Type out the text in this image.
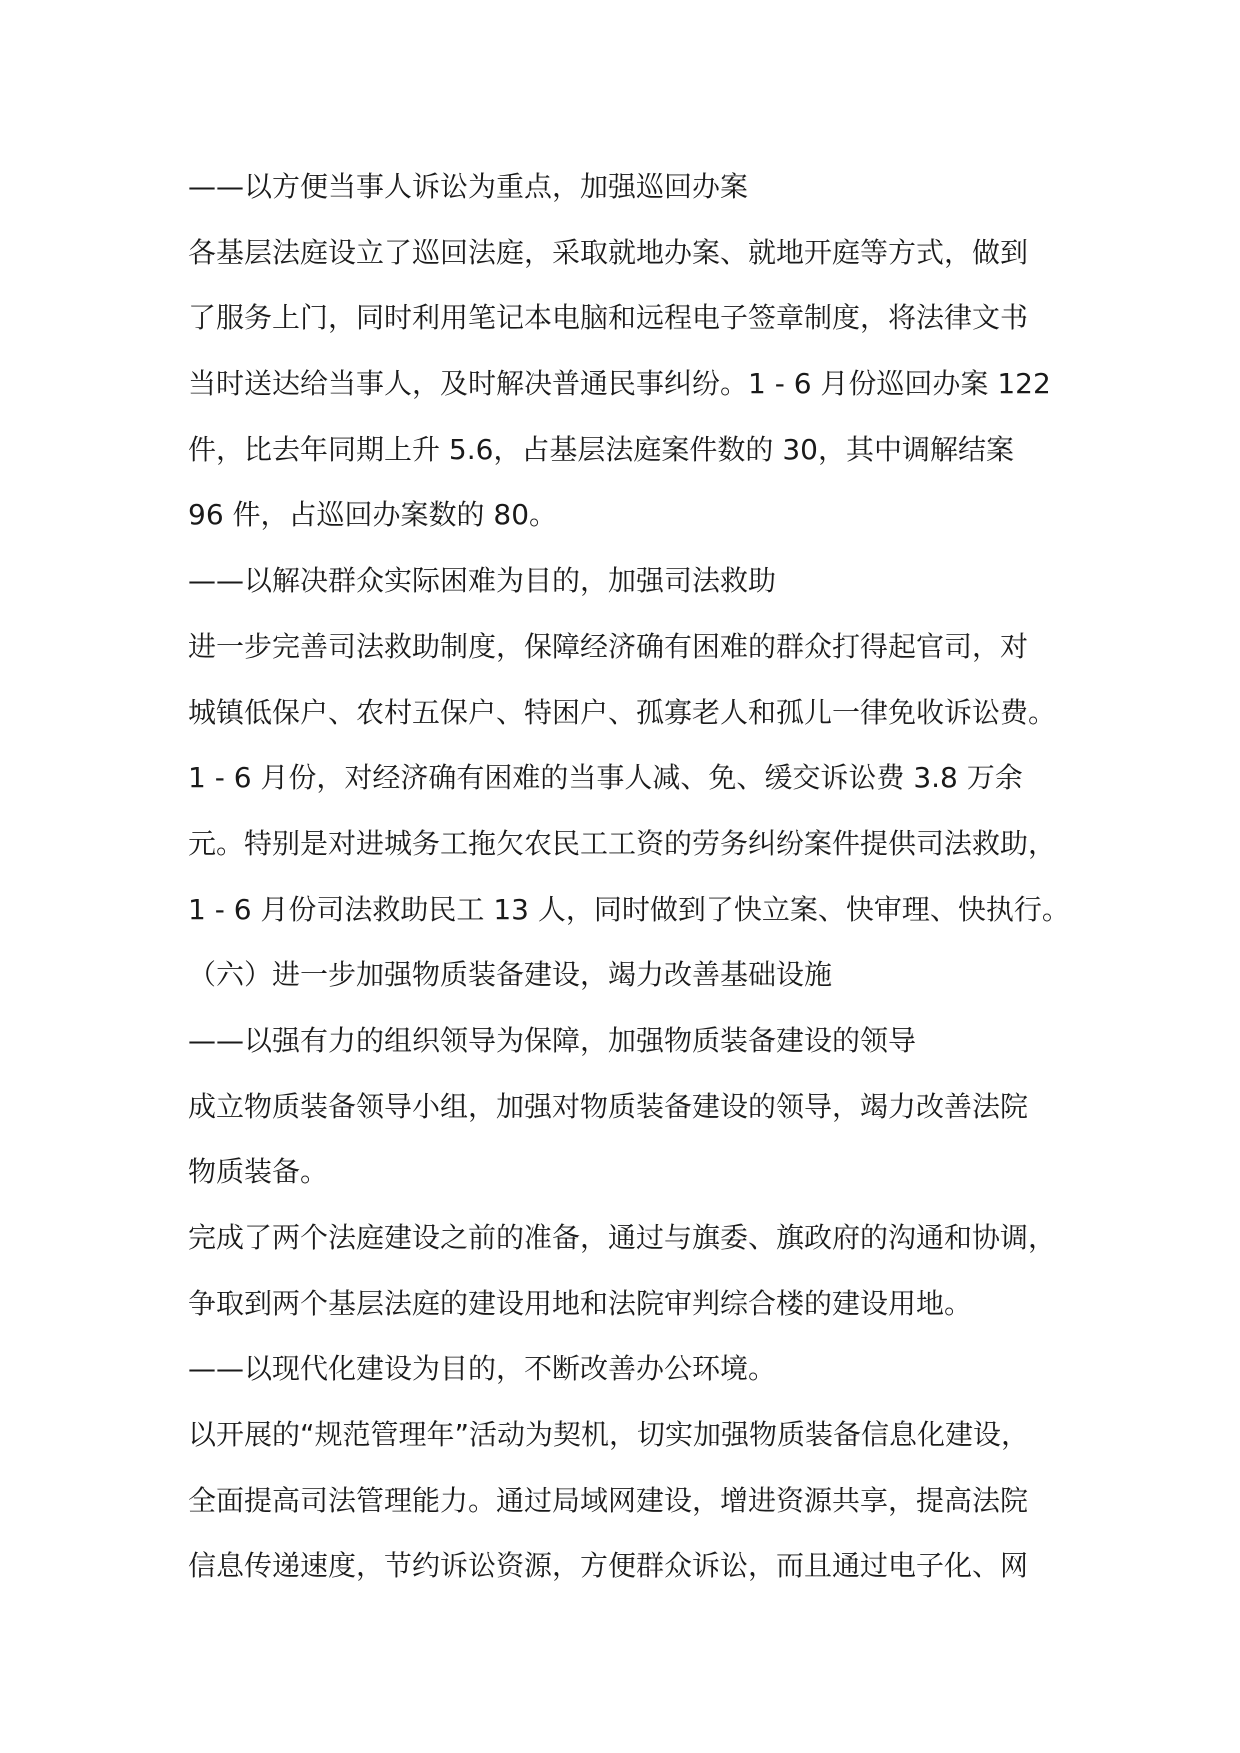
——以方便当事人诉讼为重点，加强巡回办案
各基层法庭设立了巡回法庭，采取就地办案、就地开庭等方式，做到
了服务上门，同时利用笔记本电脑和远程电子签章制度，将法律文书
当时送达给当事人，及时解决普通民事纠纷。1 - 6 月份巡回办案 122
件，比去年同期上升 5.6，占基层法庭案件数的 30，其中调解结案
96 件，占巡回办案数的 80。
——以解决群众实际困难为目的，加强司法救助
进一步完善司法救助制度，保障经济确有困难的群众打得起官司，对
城镇低保户、农村五保户、特困户、孤寡老人和孤儿一律免收诉讼费。
1 - 6 月份，对经济确有困难的当事人减、免、缓交诉讼费 3.8 万余
元。特别是对进城务工拖欠农民工工资的劳务纠纷案件提供司法救助，
1 - 6 月份司法救助民工 13 人，同时做到了快立案、快审理、快执行。
（六）进一步加强物质装备建设，竭力改善基础设施
——以强有力的组织领导为保障，加强物质装备建设的领导
成立物质装备领导小组，加强对物质装备建设的领导，竭力改善法院
物质装备。
完成了两个法庭建设之前的准备，通过与旗委、旗政府的沟通和协调，
争取到两个基层法庭的建设用地和法院审判综合楼的建设用地。
——以现代化建设为目的，不断改善办公环境。
以开展的“规范管理年”活动为契机，切实加强物质装备信息化建设，
全面提高司法管理能力。通过局域网建设，增进资源共享，提高法院
信息传递速度，节约诉讼资源，方便群众诉讼，而且通过电子化、网
